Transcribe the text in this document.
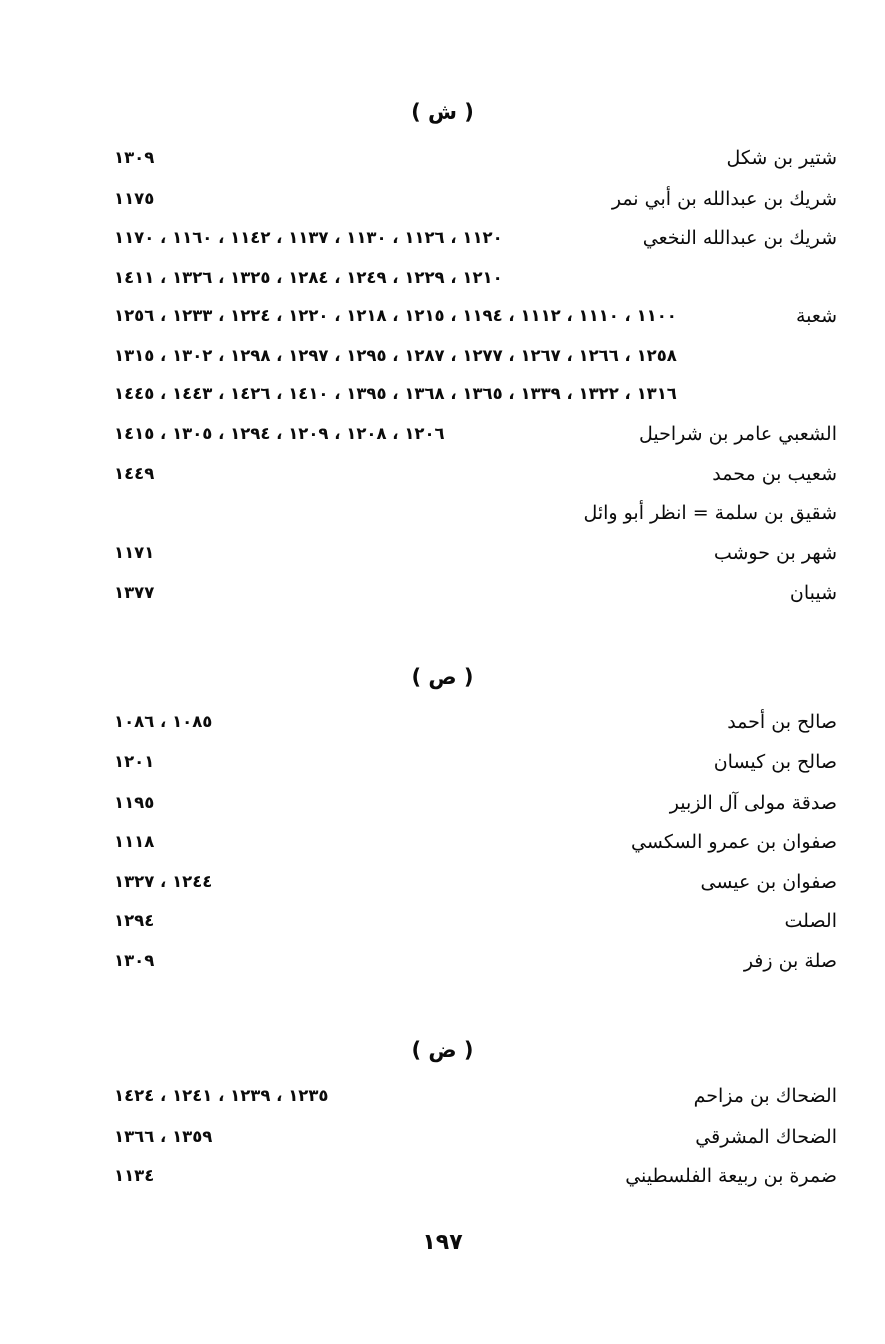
( ش )
شتير بن شكل
١٣٠٩
شريك بن عبدالله بن أبي نمر
١١٧٥
شريك بن عبدالله النخعي
١١٢٠ ، ١١٢٦ ، ١١٣٠ ، ١١٣٧ ، ١١٤٢ ، ١١٦٠ ، ١١٧٠
١٢١٠ ، ١٢٢٩ ، ١٢٤٩ ، ١٢٨٤ ، ١٣٢٥ ، ١٣٢٦ ، ١٤١١
شعبة
١١٠٠ ، ١١١٠ ، ١١١٢ ، ١١٩٤ ، ١٢١٥ ، ١٢١٨ ، ١٢٢٠ ، ١٢٢٤ ، ١٢٣٣ ، ١٢٥٦
١٢٥٨ ، ١٢٦٦ ، ١٢٦٧ ، ١٢٧٧ ، ١٢٨٧ ، ١٢٩٥ ، ١٢٩٧ ، ١٢٩٨ ، ١٣٠٢ ، ١٣١٥
١٣١٦ ، ١٣٢٢ ، ١٣٣٩ ، ١٣٦٥ ، ١٣٦٨ ، ١٣٩٥ ، ١٤١٠ ، ١٤٢٦ ، ١٤٤٣ ، ١٤٤٥
الشعبي عامر بن شراحيل
١٢٠٦ ، ١٢٠٨ ، ١٢٠٩ ، ١٢٩٤ ، ١٣٠٥ ، ١٤١٥
شعيب بن محمد
١٤٤٩
شقيق بن سلمة = انظر أبو وائل
شهر بن حوشب
١١٧١
شيبان
١٣٧٧
( ص )
صالح بن أحمد
١٠٨٥ ، ١٠٨٦
صالح بن كيسان
١٢٠١
صدقة مولى آل الزبير
١١٩٥
صفوان بن عمرو السكسي
١١١٨
صفوان بن عيسى
١٢٤٤ ، ١٣٢٧
الصلت
١٢٩٤
صلة بن زفر
١٣٠٩
( ض )
الضحاك بن مزاحم
١٢٣٥ ، ١٢٣٩ ، ١٢٤١ ، ١٤٢٤
الضحاك المشرقي
١٣٥٩ ، ١٣٦٦
ضمرة بن ربيعة الفلسطيني
١١٣٤
١٩٧
